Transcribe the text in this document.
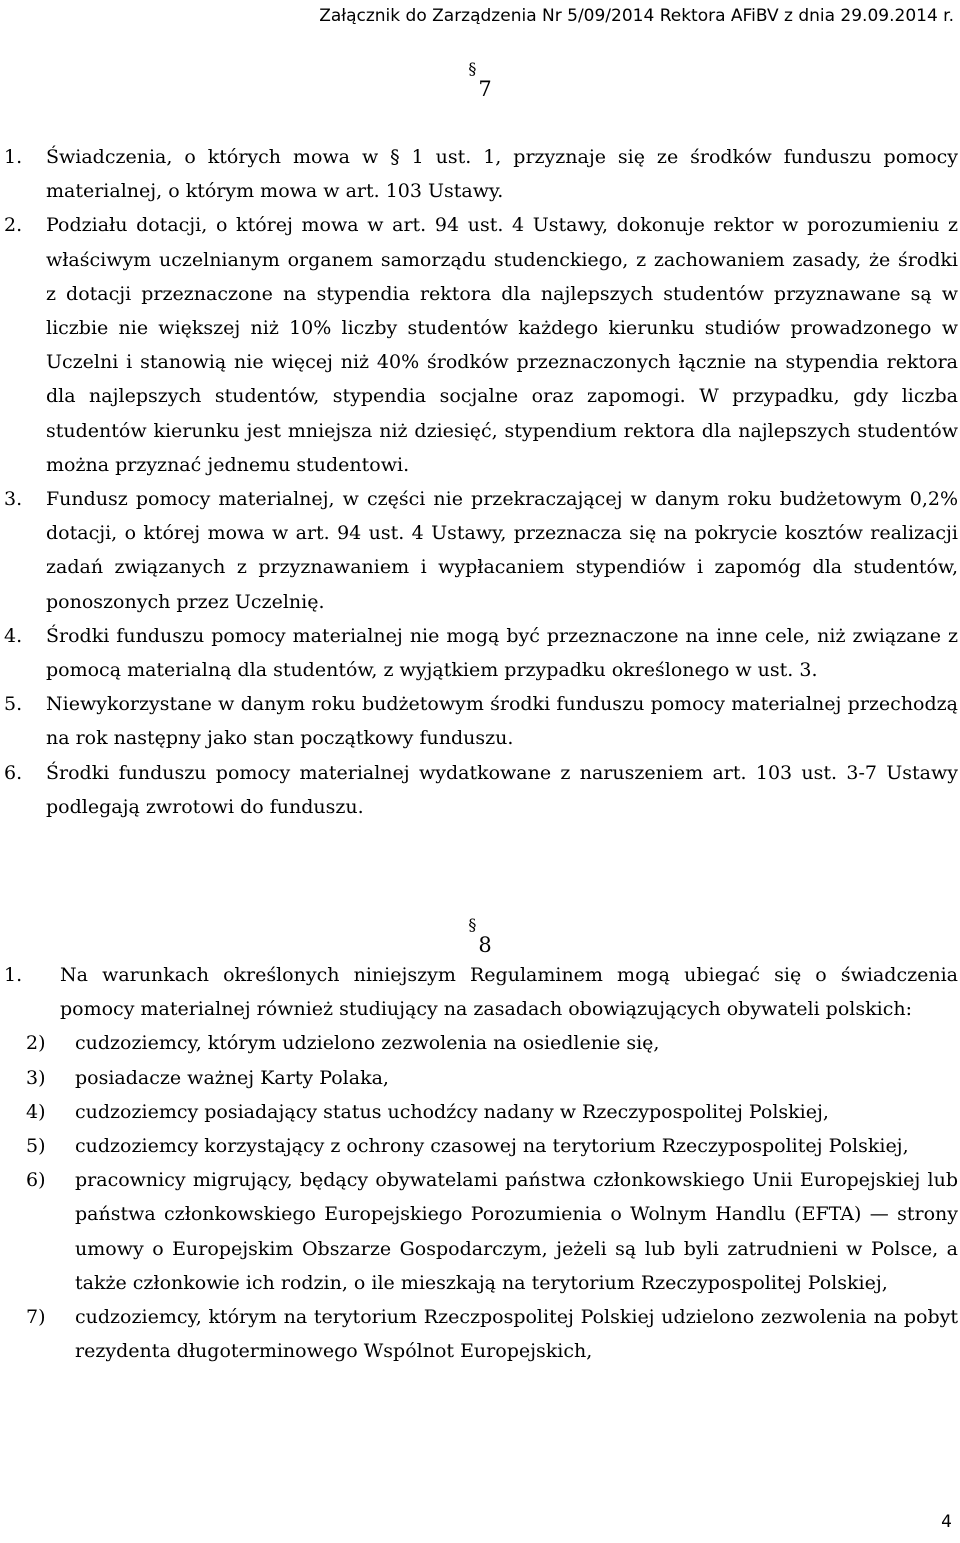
Załącznik do Zarządzenia Nr 5/09/2014 Rektora AFiBV z dnia 29.09.2014 r.
§7
1. Świadczenia, o których mowa w § 1 ust. 1, przyznaje się ze środków funduszu pomocy materialnej, o którym mowa w art. 103 Ustawy.
2. Podziału dotacji, o której mowa w art. 94 ust. 4 Ustawy, dokonuje rektor w porozumieniu z właściwym uczelnianym organem samorządu studenckiego, z zachowaniem zasady, że środki z dotacji przeznaczone na stypendia rektora dla najlepszych studentów przyznawane są w liczbie nie większej niż 10% liczby studentów każdego kierunku studiów prowadzonego w Uczelni i stanowią nie więcej niż 40% środków przeznaczonych łącznie na stypendia rektora dla najlepszych studentów, stypendia socjalne oraz zapomogi. W przypadku, gdy liczba studentów kierunku jest mniejsza niż dziesięć, stypendium rektora dla najlepszych studentów można przyznać jednemu studentowi.
3. Fundusz pomocy materialnej, w części nie przekraczającej w danym roku budżetowym 0,2% dotacji, o której mowa w art. 94 ust. 4 Ustawy, przeznacza się na pokrycie kosztów realizacji zadań związanych z przyznawaniem i wypłacaniem stypendiów i zapomóg dla studentów, ponoszonych przez Uczelnię.
4. Środki funduszu pomocy materialnej nie mogą być przeznaczone na inne cele, niż związane z pomocą materialną dla studentów, z wyjątkiem przypadku określonego w ust. 3.
5. Niewykorzystane w danym roku budżetowym środki funduszu pomocy materialnej przechodzą na rok następny jako stan początkowy funduszu.
6. Środki funduszu pomocy materialnej wydatkowane z naruszeniem art. 103 ust. 3-7 Ustawy podlegają zwrotowi do funduszu.
§8
1. Na warunkach określonych niniejszym Regulaminem mogą ubiegać się o świadczenia pomocy materialnej również studiujący na zasadach obowiązujących obywateli polskich:
2) cudzoziemcy, którym udzielono zezwolenia na osiedlenie się,
3) posiadacze ważnej Karty Polaka,
4) cudzoziemcy posiadający status uchodźcy nadany w Rzeczypospolitej Polskiej,
5) cudzoziemcy korzystający z ochrony czasowej na terytorium Rzeczypospolitej Polskiej,
6) pracownicy migrujący, będący obywatelami państwa członkowskiego Unii Europejskiej lub państwa członkowskiego Europejskiego Porozumienia o Wolnym Handlu (EFTA) — strony umowy o Europejskim Obszarze Gospodarczym, jeżeli są lub byli zatrudnieni w Polsce, a także członkowie ich rodzin, o ile mieszkają na terytorium Rzeczypospolitej Polskiej,
7) cudzoziemcy, którym na terytorium Rzeczpospolitej Polskiej udzielono zezwolenia na pobyt rezydenta długoterminowego Wspólnot Europejskich,
4
